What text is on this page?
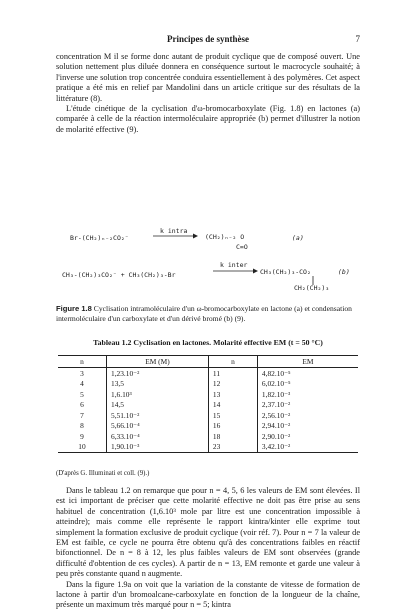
Principes de synthèse	7

concentration M il se forme donc autant de produit cyclique que de composé ouvert. Une solution nettement plus diluée donnera en conséquence surtout le macrocycle souhaité; à l'inverse une solution trop concentrée conduira essentiellement à des polymères. Cet aspect pratique a été mis en relief par Mandolini dans un article critique sur des résultats de la littérature (8).

L'étude cinétique de la cyclisation d'ω-bromocarboxylate (Fig. 1.8) en lactones (a) comparée à celle de la réaction intermoléculaire appropriée (b) permet d'illustrer la notion de molarité effective (9).

Br-(CH₂)ₙ₋₂CO₂⁻
k intra
(CH₂)ₙ₋₂ O
C=O
(a)
CH₃-(CH₂)₃CO₂⁻ + CH₃(CH₂)₃-Br
k inter
CH₃(CH₂)₃-CO₂
CH₂(CH₂)₃
(b)
Figure 1.8 Cyclisation intramoléculaire d'un ω-bromocarboxylate en lactone (a) et condensation intermoléculaire d'un carboxylate et d'un dérivé bromé (b) (9).
Tableau 1.2 Cyclisation en lactones. Molarité effective EM (t = 50 °C)
n	EM (M)	n	EM
3	1,23.10⁻²	11	4,82.10⁻⁵
4	13,5	12	6,02.10⁻⁵
5	1,6.10³	13	1,82.10⁻³
6	14,5	14	2,37.10⁻²
7	5,51.10⁻²	15	2,56.10⁻²
8	5,66.10⁻⁴	16	2,94.10⁻²
9	6,33.10⁻⁴	18	2,90.10⁻²
10	1,90.10⁻³	23	3,42.10⁻²
(D'après G. Illuminati et coll. (9).)

Dans le tableau 1.2 on remarque que pour n = 4, 5, 6 les valeurs de EM sont élevées. Il est ici important de préciser que cette molarité effective ne doit pas être prise au sens habituel de concentration (1,6.10³ mole par litre est une concentration impossible à atteindre); mais comme elle représente le rapport kintra/kinter elle exprime tout simplement la formation exclusive de produit cyclique (voir réf. 7). Pour n = 7 la valeur de EM est faible, ce cycle ne pourra être obtenu qu'à des concentrations faibles en réactif bifonctionnel. De n = 8 à 12, les plus faibles valeurs de EM sont observées (grande difficulté d'obtention de ces cycles). A partir de n = 13, EM remonte et garde une valeur à peu près constante quand n augmente.

Dans la figure 1.9a on voit que la variation de la constante de vitesse de formation de lactone à partir d'un bromoalcane-carboxylate en fonction de la longueur de la chaîne, présente un maximum très marqué pour n = 5; kintra
